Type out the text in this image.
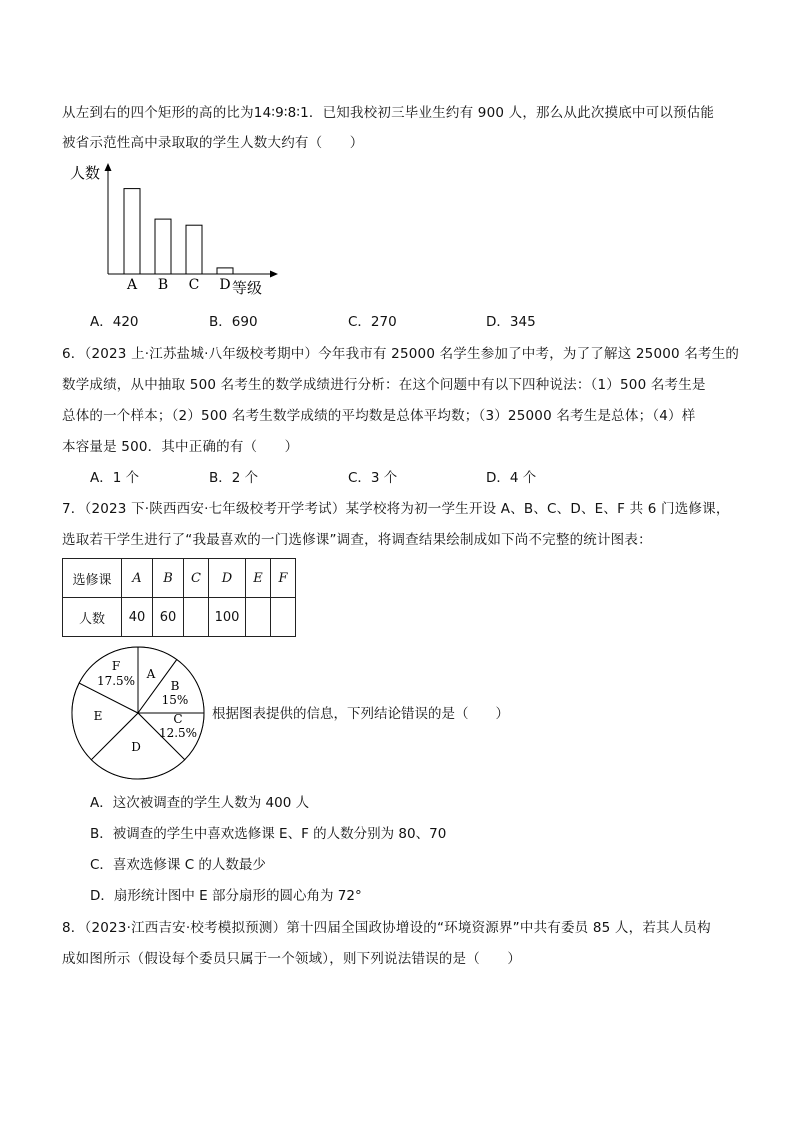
从左到右的四个矩形的高的比为14∶9∶8∶1．已知我校初三毕业生约有 900 人，那么从此次摸底中可以预估能
被省示范性高中录取取的学生人数大约有（　　）
人数
A B C D 等级
A．420	B．690	C．270	D．345
6．（2023 上·江苏盐城·八年级校考期中）今年我市有 25000 名学生参加了中考，为了了解这 25000 名考生的
数学成绩，从中抽取 500 名考生的数学成绩进行分析：在这个问题中有以下四种说法：（1）500 名考生是
总体的一个样本；（2）500 名考生数学成绩的平均数是总体平均数；（3）25000 名考生是总体；（4）样
本容量是 500．其中正确的有（　　）
A．1 个	B．2 个	C．3 个	D．4 个
7．（2023 下·陕西西安·七年级校考开学考试）某学校将为初一学生开设 A、B、C、D、E、F 共 6 门选修课，
选取若干学生进行了“我最喜欢的一门选修课”调查，将调查结果绘制成如下尚不完整的统计图表：
选修课	A	B	C	D	E	F
人数	40	60		100		
F
17.5% A
B
15%
C
12.5%
D
E	根据图表提供的信息，下列结论错误的是（　　）
A．这次被调查的学生人数为 400 人
B．被调查的学生中喜欢选修课 E、F 的人数分别为 80、70
C．喜欢选修课 C 的人数最少
D．扇形统计图中 E 部分扇形的圆心角为 72°
8．（2023·江西吉安·校考模拟预测）第十四届全国政协增设的“环境资源界”中共有委员 85 人，若其人员构
成如图所示（假设每个委员只属于一个领域），则下列说法错误的是（　　）
